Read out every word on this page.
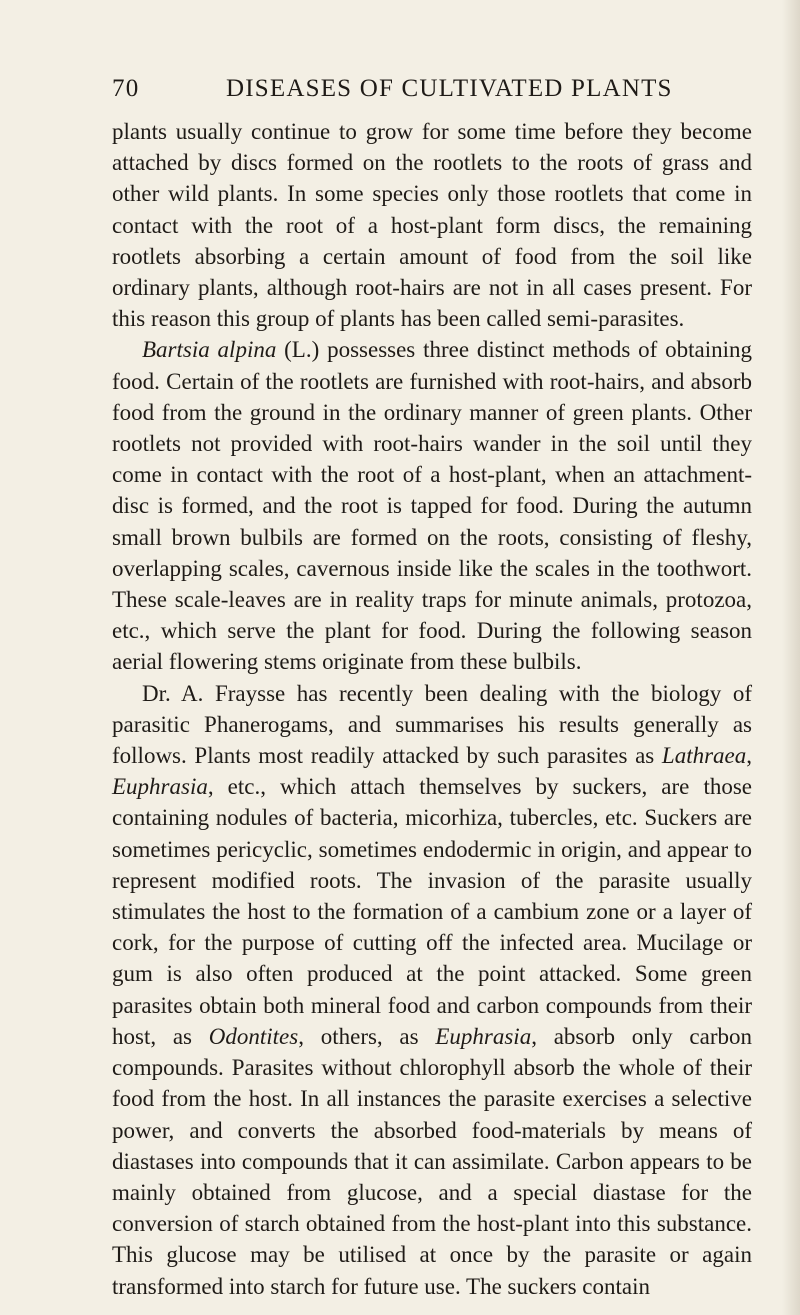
70	DISEASES OF CULTIVATED PLANTS

plants usually continue to grow for some time before they become attached by discs formed on the rootlets to the roots of grass and other wild plants. In some species only those rootlets that come in contact with the root of a host-plant form discs, the remaining rootlets absorbing a certain amount of food from the soil like ordinary plants, although root-hairs are not in all cases present. For this reason this group of plants has been called semi-parasites.

Bartsia alpina (L.) possesses three distinct methods of obtaining food. Certain of the rootlets are furnished with root-hairs, and absorb food from the ground in the ordinary manner of green plants. Other rootlets not provided with root-hairs wander in the soil until they come in contact with the root of a host-plant, when an attachment-disc is formed, and the root is tapped for food. During the autumn small brown bulbils are formed on the roots, consisting of fleshy, overlapping scales, cavernous inside like the scales in the toothwort. These scale-leaves are in reality traps for minute animals, protozoa, etc., which serve the plant for food. During the following season aerial flowering stems originate from these bulbils.

Dr. A. Fraysse has recently been dealing with the biology of parasitic Phanerogams, and summarises his results generally as follows. Plants most readily attacked by such parasites as Lathraea, Euphrasia, etc., which attach themselves by suckers, are those containing nodules of bacteria, micorhiza, tubercles, etc. Suckers are sometimes pericyclic, sometimes endodermic in origin, and appear to represent modified roots. The invasion of the parasite usually stimulates the host to the formation of a cambium zone or a layer of cork, for the purpose of cutting off the infected area. Mucilage or gum is also often produced at the point attacked. Some green parasites obtain both mineral food and carbon compounds from their host, as Odontites, others, as Euphrasia, absorb only carbon compounds. Parasites without chlorophyll absorb the whole of their food from the host. In all instances the parasite exercises a selective power, and converts the absorbed food-materials by means of diastases into compounds that it can assimilate. Carbon appears to be mainly obtained from glucose, and a special diastase for the conversion of starch obtained from the host-plant into this substance. This glucose may be utilised at once by the parasite or again transformed into starch for future use. The suckers contain
